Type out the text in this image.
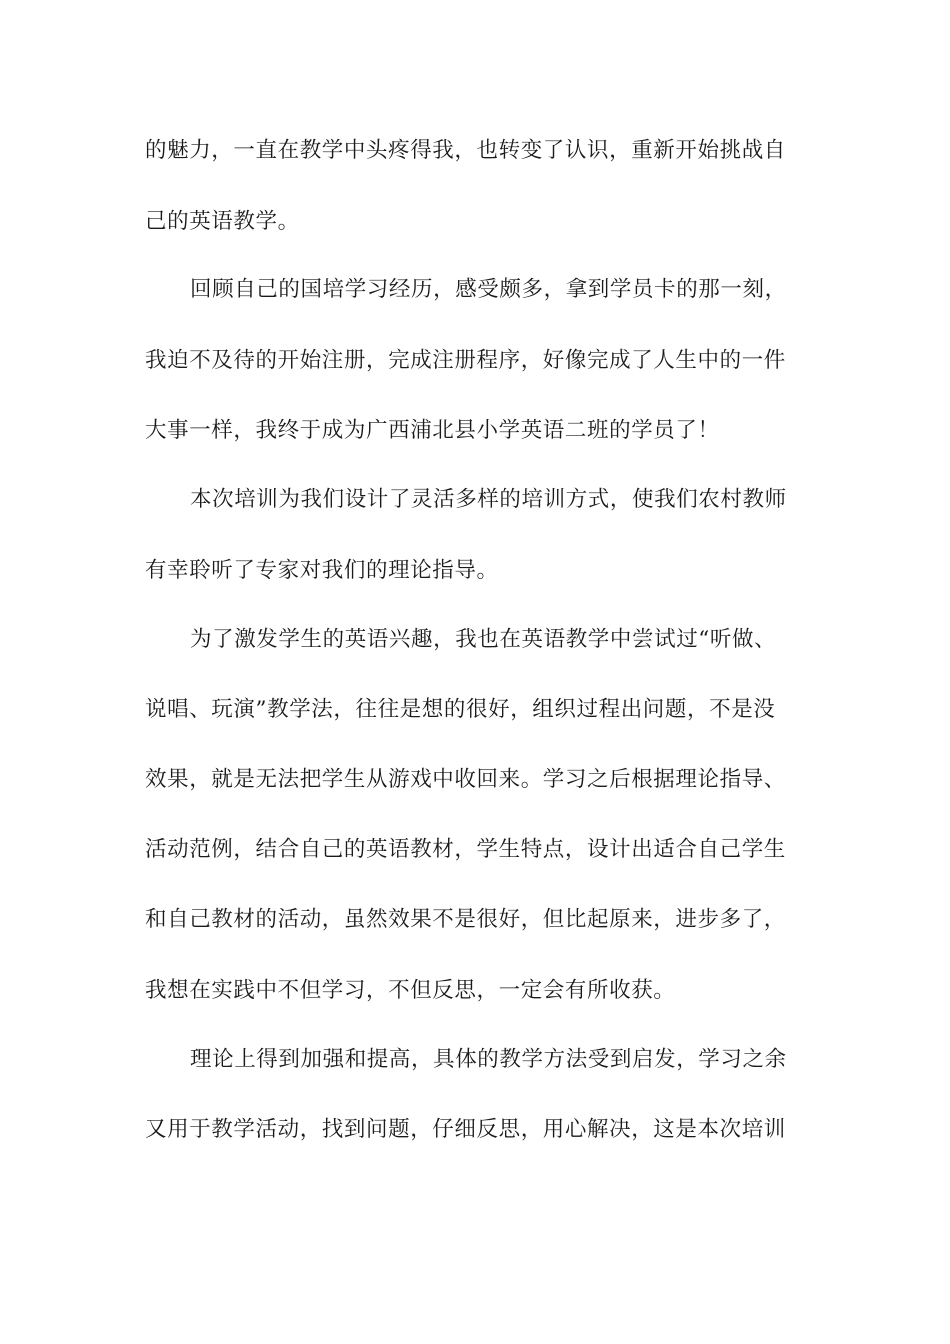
的魅力，一直在教学中头疼得我，也转变了认识，重新开始挑战自
己的英语教学。
回顾自己的国培学习经历，感受颇多，拿到学员卡的那一刻，
我迫不及待的开始注册，完成注册程序，好像完成了人生中的一件
大事一样，我终于成为广西浦北县小学英语二班的学员了！
本次培训为我们设计了灵活多样的培训方式，使我们农村教师
有幸聆听了专家对我们的理论指导。
为了激发学生的英语兴趣，我也在英语教学中尝试过“听做、
说唱、玩演”教学法，往往是想的很好，组织过程出问题，不是没
效果，就是无法把学生从游戏中收回来。学习之后根据理论指导、
活动范例，结合自己的英语教材，学生特点，设计出适合自己学生
和自己教材的活动，虽然效果不是很好，但比起原来，进步多了，
我想在实践中不但学习，不但反思，一定会有所收获。
理论上得到加强和提高，具体的教学方法受到启发，学习之余
又用于教学活动，找到问题，仔细反思，用心解决，这是本次培训
